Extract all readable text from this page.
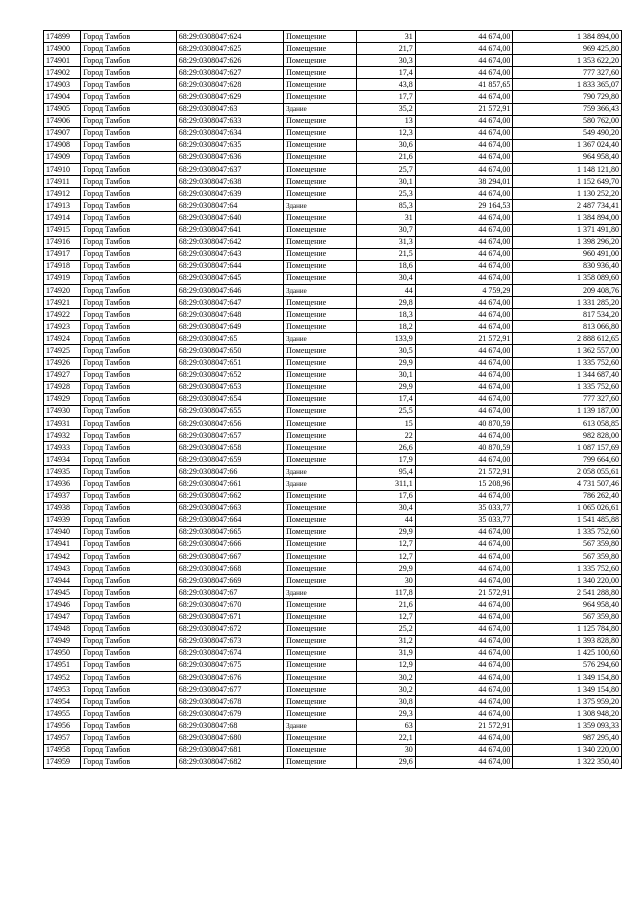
174899	Город Тамбов	68:29:0308047:624	Помещение	31	44 674,00	1 384 894,00
174900	Город Тамбов	68:29:0308047:625	Помещение	21,7	44 674,00	969 425,80
174901	Город Тамбов	68:29:0308047:626	Помещение	30,3	44 674,00	1 353 622,20
174902	Город Тамбов	68:29:0308047:627	Помещение	17,4	44 674,00	777 327,60
174903	Город Тамбов	68:29:0308047:628	Помещение	43,8	41 857,65	1 833 365,07
174904	Город Тамбов	68:29:0308047:629	Помещение	17,7	44 674,00	790 729,80
174905	Город Тамбов	68:29:0308047:63	Здание	35,2	21 572,91	759 366,43
174906	Город Тамбов	68:29:0308047:633	Помещение	13	44 674,00	580 762,00
174907	Город Тамбов	68:29:0308047:634	Помещение	12,3	44 674,00	549 490,20
174908	Город Тамбов	68:29:0308047:635	Помещение	30,6	44 674,00	1 367 024,40
174909	Город Тамбов	68:29:0308047:636	Помещение	21,6	44 674,00	964 958,40
174910	Город Тамбов	68:29:0308047:637	Помещение	25,7	44 674,00	1 148 121,80
174911	Город Тамбов	68:29:0308047:638	Помещение	30,1	38 294,01	1 152 649,70
174912	Город Тамбов	68:29:0308047:639	Помещение	25,3	44 674,00	1 130 252,20
174913	Город Тамбов	68:29:0308047:64	Здание	85,3	29 164,53	2 487 734,41
174914	Город Тамбов	68:29:0308047:640	Помещение	31	44 674,00	1 384 894,00
174915	Город Тамбов	68:29:0308047:641	Помещение	30,7	44 674,00	1 371 491,80
174916	Город Тамбов	68:29:0308047:642	Помещение	31,3	44 674,00	1 398 296,20
174917	Город Тамбов	68:29:0308047:643	Помещение	21,5	44 674,00	960 491,00
174918	Город Тамбов	68:29:0308047:644	Помещение	18,6	44 674,00	830 936,40
174919	Город Тамбов	68:29:0308047:645	Помещение	30,4	44 674,00	1 358 089,60
174920	Город Тамбов	68:29:0308047:646	Здание	44	4 759,29	209 408,76
174921	Город Тамбов	68:29:0308047:647	Помещение	29,8	44 674,00	1 331 285,20
174922	Город Тамбов	68:29:0308047:648	Помещение	18,3	44 674,00	817 534,20
174923	Город Тамбов	68:29:0308047:649	Помещение	18,2	44 674,00	813 066,80
174924	Город Тамбов	68:29:0308047:65	Здание	133,9	21 572,91	2 888 612,65
174925	Город Тамбов	68:29:0308047:650	Помещение	30,5	44 674,00	1 362 557,00
174926	Город Тамбов	68:29:0308047:651	Помещение	29,9	44 674,00	1 335 752,60
174927	Город Тамбов	68:29:0308047:652	Помещение	30,1	44 674,00	1 344 687,40
174928	Город Тамбов	68:29:0308047:653	Помещение	29,9	44 674,00	1 335 752,60
174929	Город Тамбов	68:29:0308047:654	Помещение	17,4	44 674,00	777 327,60
174930	Город Тамбов	68:29:0308047:655	Помещение	25,5	44 674,00	1 139 187,00
174931	Город Тамбов	68:29:0308047:656	Помещение	15	40 870,59	613 058,85
174932	Город Тамбов	68:29:0308047:657	Помещение	22	44 674,00	982 828,00
174933	Город Тамбов	68:29:0308047:658	Помещение	26,6	40 870,59	1 087 157,69
174934	Город Тамбов	68:29:0308047:659	Помещение	17,9	44 674,00	799 664,60
174935	Город Тамбов	68:29:0308047:66	Здание	95,4	21 572,91	2 058 055,61
174936	Город Тамбов	68:29:0308047:661	Здание	311,1	15 208,96	4 731 507,46
174937	Город Тамбов	68:29:0308047:662	Помещение	17,6	44 674,00	786 262,40
174938	Город Тамбов	68:29:0308047:663	Помещение	30,4	35 033,77	1 065 026,61
174939	Город Тамбов	68:29:0308047:664	Помещение	44	35 033,77	1 541 485,88
174940	Город Тамбов	68:29:0308047:665	Помещение	29,9	44 674,00	1 335 752,60
174941	Город Тамбов	68:29:0308047:666	Помещение	12,7	44 674,00	567 359,80
174942	Город Тамбов	68:29:0308047:667	Помещение	12,7	44 674,00	567 359,80
174943	Город Тамбов	68:29:0308047:668	Помещение	29,9	44 674,00	1 335 752,60
174944	Город Тамбов	68:29:0308047:669	Помещение	30	44 674,00	1 340 220,00
174945	Город Тамбов	68:29:0308047:67	Здание	117,8	21 572,91	2 541 288,80
174946	Город Тамбов	68:29:0308047:670	Помещение	21,6	44 674,00	964 958,40
174947	Город Тамбов	68:29:0308047:671	Помещение	12,7	44 674,00	567 359,80
174948	Город Тамбов	68:29:0308047:672	Помещение	25,2	44 674,00	1 125 784,80
174949	Город Тамбов	68:29:0308047:673	Помещение	31,2	44 674,00	1 393 828,80
174950	Город Тамбов	68:29:0308047:674	Помещение	31,9	44 674,00	1 425 100,60
174951	Город Тамбов	68:29:0308047:675	Помещение	12,9	44 674,00	576 294,60
174952	Город Тамбов	68:29:0308047:676	Помещение	30,2	44 674,00	1 349 154,80
174953	Город Тамбов	68:29:0308047:677	Помещение	30,2	44 674,00	1 349 154,80
174954	Город Тамбов	68:29:0308047:678	Помещение	30,8	44 674,00	1 375 959,20
174955	Город Тамбов	68:29:0308047:679	Помещение	29,3	44 674,00	1 308 948,20
174956	Город Тамбов	68:29:0308047:68	Здание	63	21 572,91	1 359 093,33
174957	Город Тамбов	68:29:0308047:680	Помещение	22,1	44 674,00	987 295,40
174958	Город Тамбов	68:29:0308047:681	Помещение	30	44 674,00	1 340 220,00
174959	Город Тамбов	68:29:0308047:682	Помещение	29,6	44 674,00	1 322 350,40
